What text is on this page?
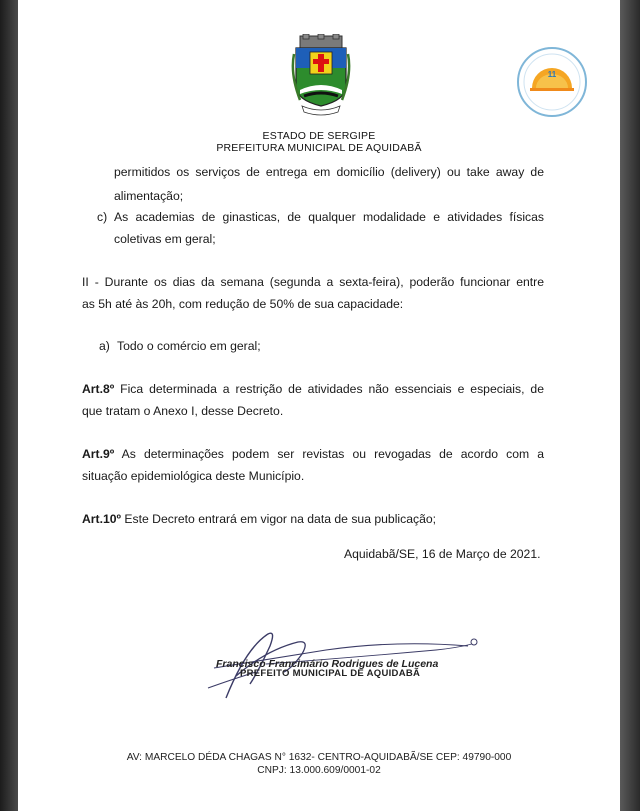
11
ESTADO DE SERGIPE
PREFEITURA MUNICIPAL DE AQUIDABÃ
permitidos os serviços de entrega em domicílio (delivery) ou take away de
alimentação;
c) As academias de ginasticas, de qualquer modalidade e atividades físicas
coletivas em geral;
II - Durante os dias da semana (segunda a sexta-feira), poderão funcionar entre
as 5h até às 20h, com redução de 50% de sua capacidade:
a) Todo o comércio em geral;
Art.8º Fica determinada a restrição de atividades não essenciais e especiais, de
que tratam o Anexo I, desse Decreto.
Art.9º As determinações podem ser revistas ou revogadas de acordo com a
situação epidemiológica deste Município.
Art.10º Este Decreto entrará em vigor na data de sua publicação;
Aquidabã/SE, 16 de Março de 2021.
Francisco Francimário Rodrigues de Lucena
PREFEITO MUNICIPAL DE AQUIDABÃ
AV: MARCELO DÉDA CHAGAS N° 1632- CENTRO-AQUIDABÃ/SE CEP: 49790-000
CNPJ: 13.000.609/0001-02
